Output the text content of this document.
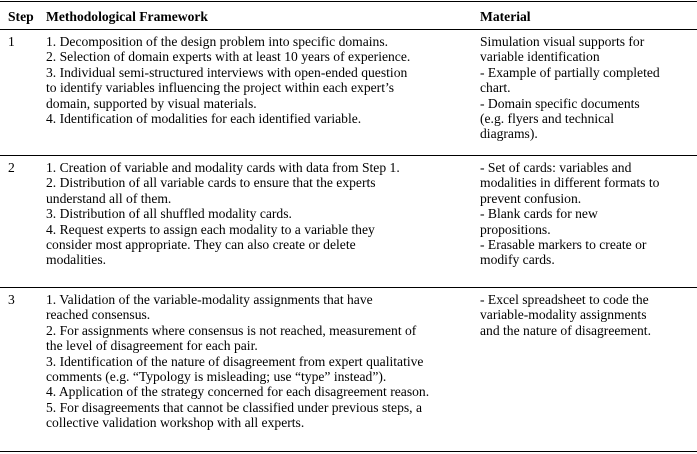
Step Methodological Framework	Material
1 1. Decomposition of the design problem into specific domains.
2. Selection of domain experts with at least 10 years of experience.
3. Individual semi-structured interviews with open-ended question
to identify variables influencing the project within each expert’s
domain, supported by visual materials.
4. Identification of modalities for each identified variable.
Simulation visual supports for
variable identification
- Example of partially completed
chart.
- Domain specific documents
(e.g. flyers and technical
diagrams).
2 1. Creation of variable and modality cards with data from Step 1.
2. Distribution of all variable cards to ensure that the experts
understand all of them.
3. Distribution of all shuffled modality cards.
4. Request experts to assign each modality to a variable they
consider most appropriate. They can also create or delete
modalities.
- Set of cards: variables and
modalities in different formats to
prevent confusion.
- Blank cards for new
propositions.
- Erasable markers to create or
modify cards.
3 1. Validation of the variable-modality assignments that have
reached consensus.
2. For assignments where consensus is not reached, measurement of
the level of disagreement for each pair.
3. Identification of the nature of disagreement from expert qualitative
comments (e.g. “Typology is misleading; use “type” instead”).
4. Application of the strategy concerned for each disagreement reason.
5. For disagreements that cannot be classified under previous steps, a
collective validation workshop with all experts.
- Excel spreadsheet to code the
variable-modality assignments
and the nature of disagreement.
